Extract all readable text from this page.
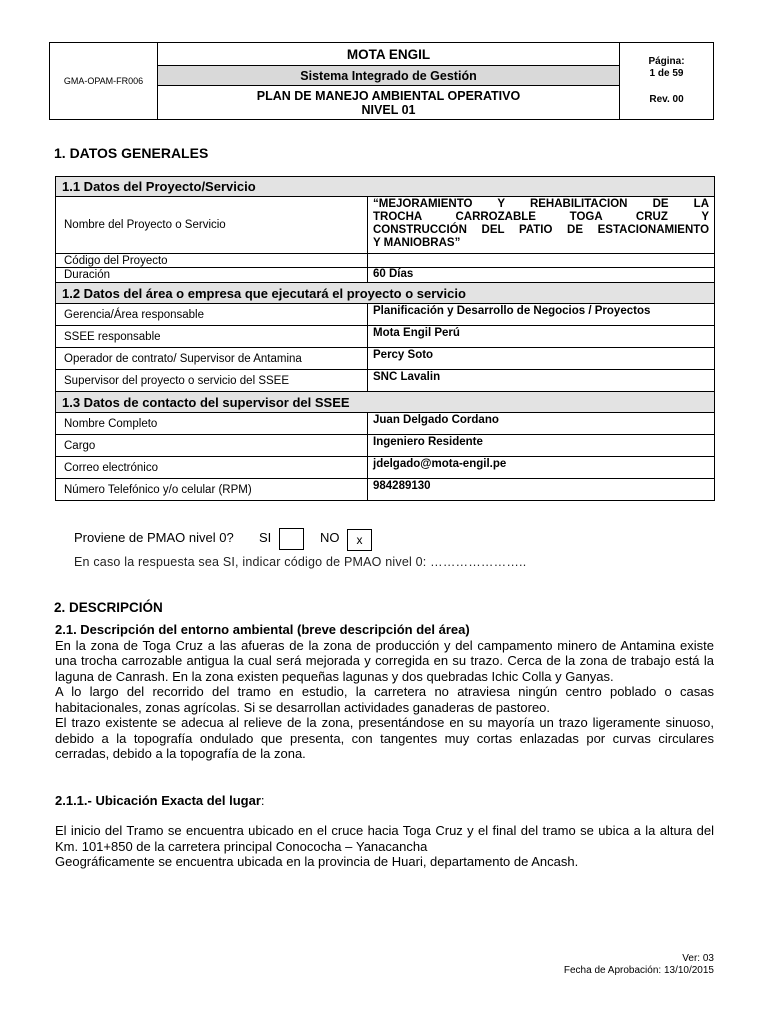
GMA-OPAM-FR006	MOTA ENGIL	Página:
1 de 59
Rev. 00

Sistema Integrado de Gestión

PLAN DE MANEJO AMBIENTAL OPERATIVO
NIVEL 01
1. DATOS GENERALES
1.1 Datos del Proyecto/Servicio	
Nombre del Proyecto o Servicio	“MEJORAMIENTO Y REHABILITACION DE LA
TROCHA CARROZABLE TOGA CRUZ Y
CONSTRUCCIÓN DEL PATIO DE ESTACIONAMIENTO
Y MANIOBRAS”

Código del Proyecto	
Duración	60 Días
1.2 Datos del área o empresa que ejecutará el proyecto o servicio	
Gerencia/Área responsable	Planificación y Desarrollo de Negocios / Proyectos
SSEE responsable	Mota Engil Perú
Operador de contrato/ Supervisor de Antamina	Percy Soto
Supervisor del proyecto o servicio del SSEE	SNC Lavalin
1.3 Datos de contacto del supervisor del SSEE	
Nombre Completo	Juan Delgado Cordano
Cargo	Ingeniero Residente
Correo electrónico	jdelgado@mota-engil.pe
Número Telefónico y/o celular (RPM)	984289130
Proviene de PMAO nivel 0? SI	NO	x
En caso la respuesta sea SI, indicar código de PMAO nivel 0: …………………..
2. DESCRIPCIÓN

2.1. Descripción del entorno ambiental (breve descripción del área)

En la zona de Toga Cruz a las afueras de la zona de producción y del campamento minero de Antamina existe una trocha carrozable antigua la cual será mejorada y corregida en su trazo. Cerca de la zona de trabajo está la laguna de Canrash. En la zona existen pequeñas lagunas y dos quebradas Ichic Colla y Ganyas.

A lo largo del recorrido del tramo en estudio, la carretera no atraviesa ningún centro poblado o casas habitacionales, zonas agrícolas. Si se desarrollan actividades ganaderas de pastoreo.

El trazo existente se adecua al relieve de la zona, presentándose en su mayoría un trazo ligeramente sinuoso, debido a la topografía ondulado que presenta, con tangentes muy cortas enlazadas por curvas circulares cerradas, debido a la topografía de la zona.

2.1.1.- Ubicación Exacta del lugar:

El inicio del Tramo se encuentra ubicado en el cruce hacia Toga Cruz y el final del tramo se ubica a la altura del Km. 101+850 de la carretera principal Conocochа – Yanacancha

Geográficamente se encuentra ubicada en la provincia de Huari, departamento de Ancash.

Ver: 03
Fecha de Aprobación: 13/10/2015
